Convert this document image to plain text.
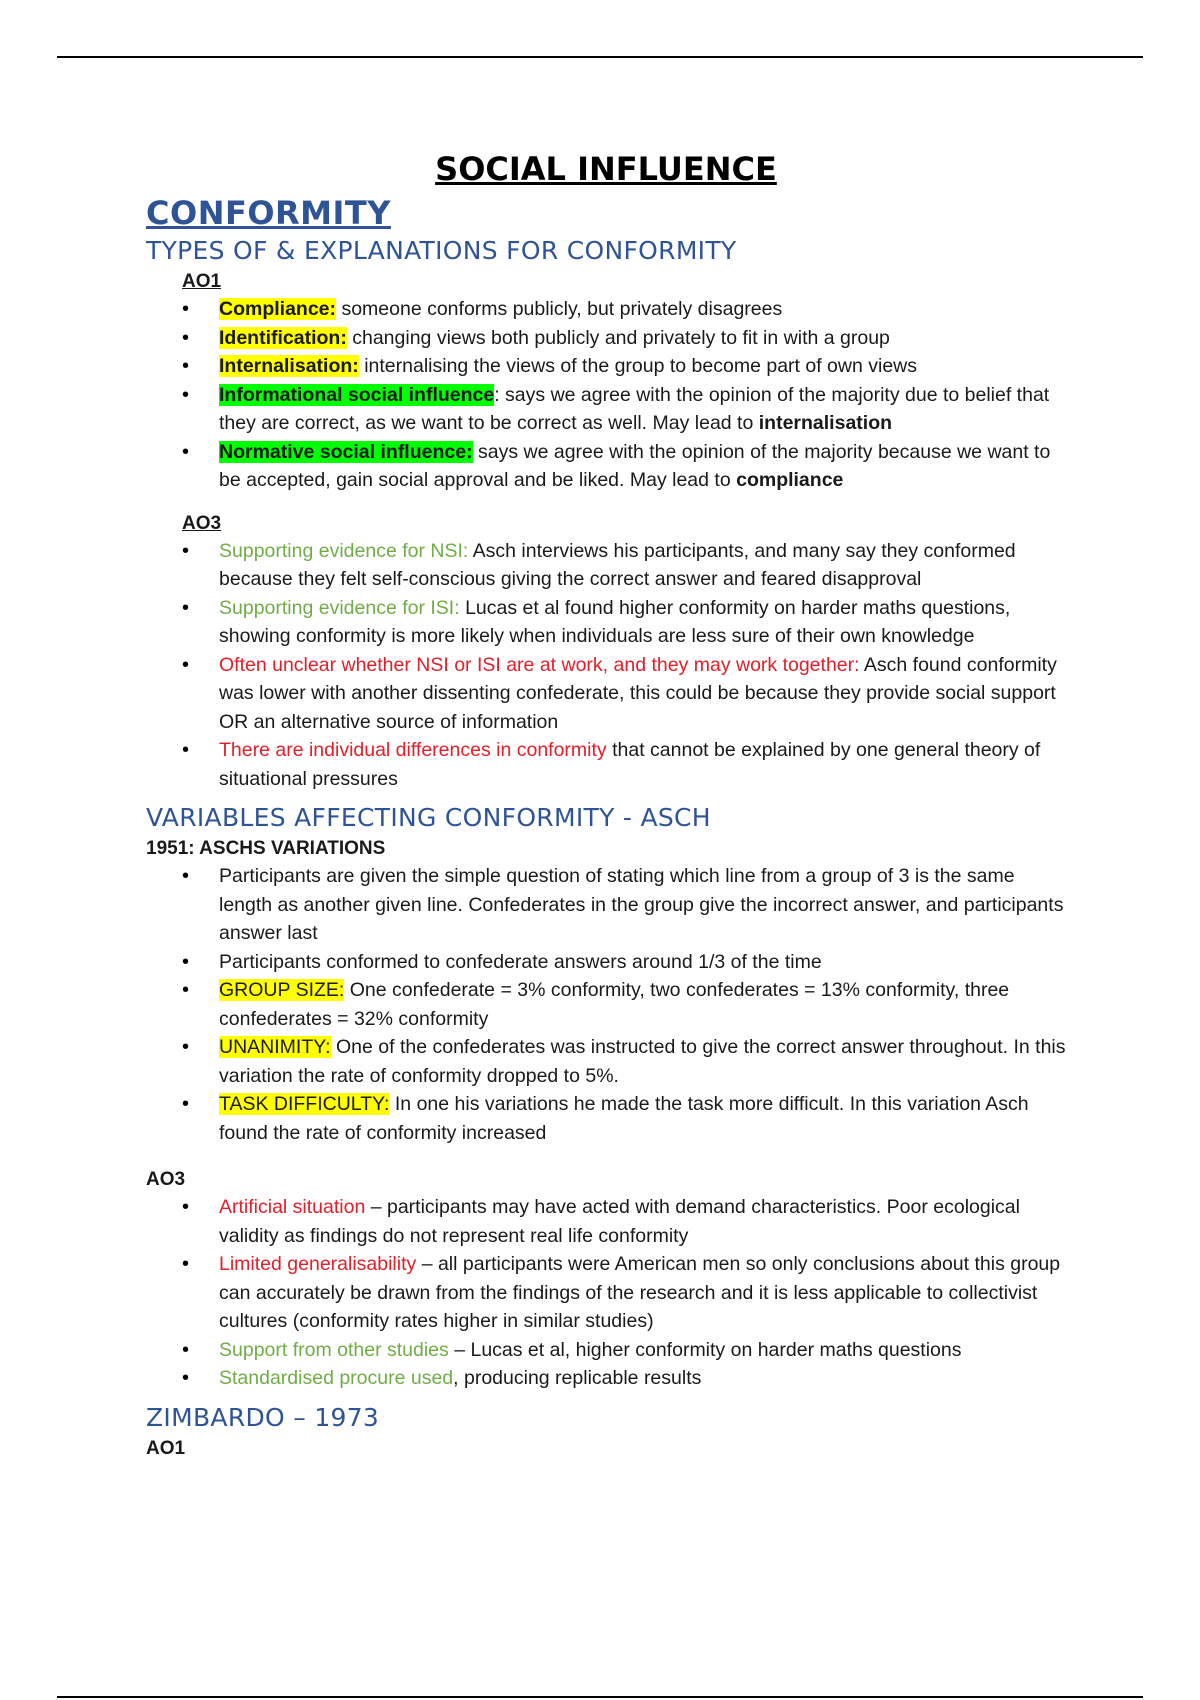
SOCIAL INFLUENCE
CONFORMITY
TYPES OF & EXPLANATIONS FOR CONFORMITY
AO1
• Compliance: someone conforms publicly, but privately disagrees
• Identification: changing views both publicly and privately to fit in with a group
• Internalisation: internalising the views of the group to become part of own views
• Informational social influence: says we agree with the opinion of the majority due to belief that they are correct, as we want to be correct as well. May lead to internalisation
• Normative social influence: says we agree with the opinion of the majority because we want to be accepted, gain social approval and be liked. May lead to compliance
AO3
• Supporting evidence for NSI: Asch interviews his participants, and many say they conformed because they felt self-conscious giving the correct answer and feared disapproval
• Supporting evidence for ISI: Lucas et al found higher conformity on harder maths questions, showing conformity is more likely when individuals are less sure of their own knowledge
• Often unclear whether NSI or ISI are at work, and they may work together: Asch found conformity was lower with another dissenting confederate, this could be because they provide social support OR an alternative source of information
• There are individual differences in conformity that cannot be explained by one general theory of situational pressures
VARIABLES AFFECTING CONFORMITY - ASCH
1951: ASCHS VARIATIONS
• Participants are given the simple question of stating which line from a group of 3 is the same length as another given line. Confederates in the group give the incorrect answer, and participants answer last
• Participants conformed to confederate answers around 1/3 of the time
• GROUP SIZE: One confederate = 3% conformity, two confederates = 13% conformity, three confederates = 32% conformity
• UNANIMITY: One of the confederates was instructed to give the correct answer throughout. In this variation the rate of conformity dropped to 5%.
• TASK DIFFICULTY: In one his variations he made the task more difficult. In this variation Asch found the rate of conformity increased
AO3
• Artificial situation – participants may have acted with demand characteristics. Poor ecological validity as findings do not represent real life conformity
• Limited generalisability – all participants were American men so only conclusions about this group can accurately be drawn from the findings of the research and it is less applicable to collectivist cultures (conformity rates higher in similar studies)
• Support from other studies – Lucas et al, higher conformity on harder maths questions
• Standardised procure used, producing replicable results
ZIMBARDO – 1973
AO1
